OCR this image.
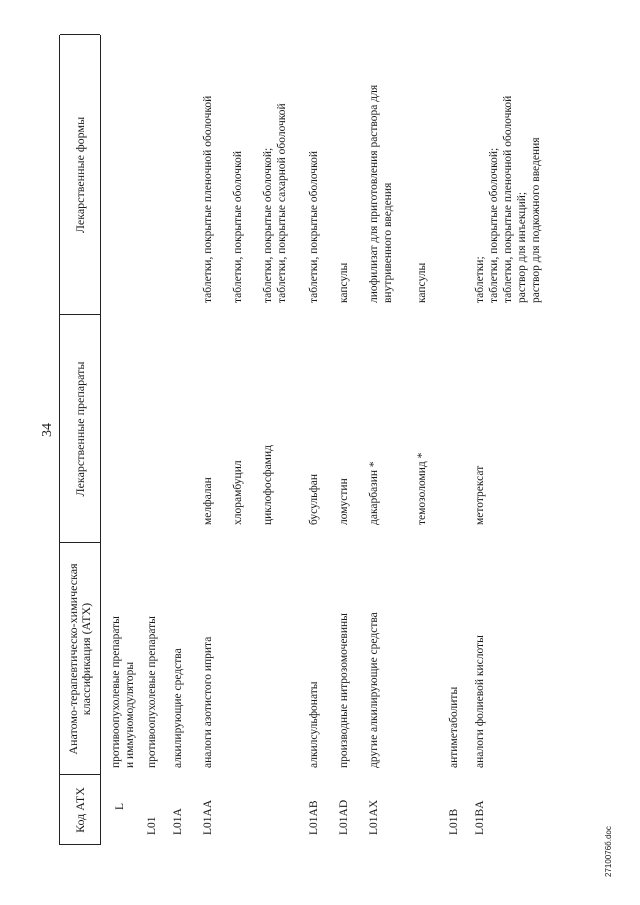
34
Код АТХ
Анатомо-терапевтическо-химическая классификация (АТХ)
Лекарственные препараты
Лекарственные формы
L
противоопухолевые препараты и иммуномодуляторы
L01
противоопухолевые препараты
L01A
алкилирующие средства
L01AA
аналоги азотистого иприта
мелфалан
таблетки, покрытые пленочной оболочкой
хлорамбуцил
таблетки, покрытые оболочкой
циклофосфамид
таблетки, покрытые оболочкой; таблетки, покрытые сахарной оболочкой
L01AB
алкилсульфонаты
бусульфан
таблетки, покрытые оболочкой
L01AD
производные нитрозомочевины
ломустин
капсулы
L01AX
другие алкилирующие средства
дакарбазин *
лиофилизат для приготовления раствора для внутривенного введения
темозоломид *
капсулы
L01B
антиметаболиты
L01BA
аналоги фолиевой кислоты
метотрексат
таблетки; таблетки, покрытые оболочкой; таблетки, покрытые пленочной оболочкой раствор для инъекций; раствор для подкожного введения
2710076б.doc
